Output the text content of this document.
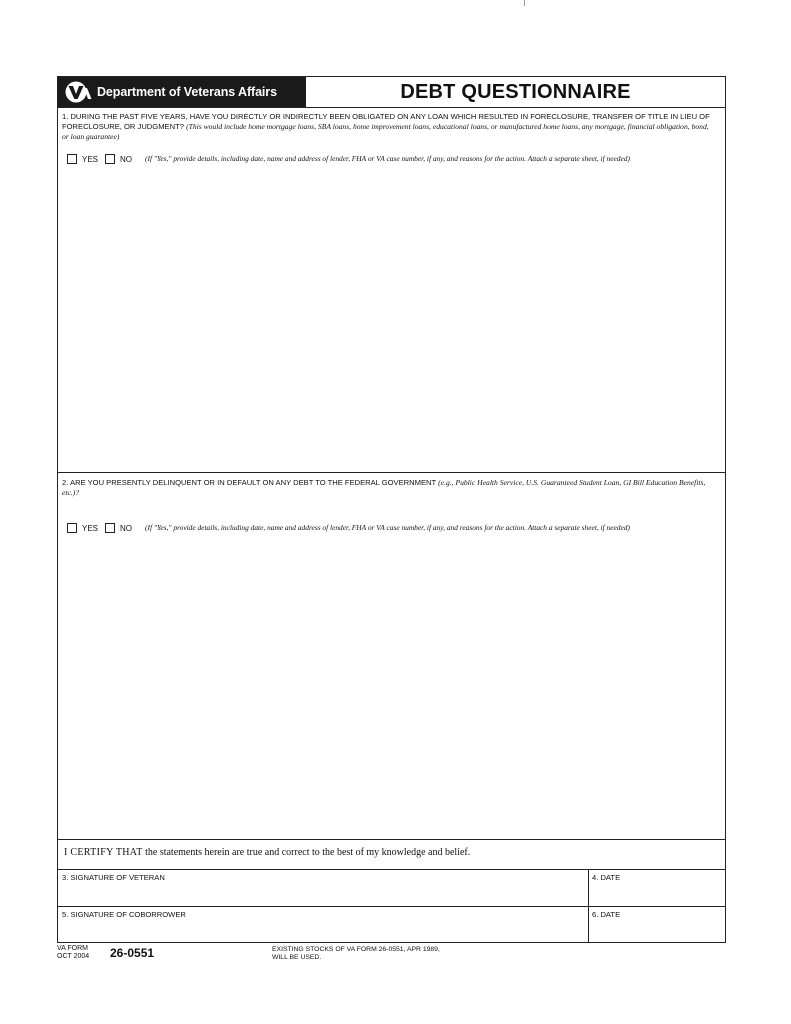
Department of Veterans Affairs	DEBT QUESTIONNAIRE
1. DURING THE PAST FIVE YEARS, HAVE YOU DIRECTLY OR INDIRECTLY BEEN OBLIGATED ON ANY LOAN WHICH RESULTED IN FORECLOSURE, TRANSFER OF TITLE IN LIEU OF FORECLOSURE, OR JUDGMENT? (This would include home mortgage loans, SBA loans, home improvement loans, educational loans, or manufactured home loans, any mortgage, financial obligation, bond, or loan guarantee)
YES	NO (If "Yes," provide details, including date, name and address of lender, FHA or VA case number, if any, and reasons for the action. Attach a separate sheet, if needed)
2. ARE YOU PRESENTLY DELINQUENT OR IN DEFAULT ON ANY DEBT TO THE FEDERAL GOVERNMENT (e.g., Public Health Service, U.S. Guaranteed Student Loan, GI Bill Education Benefits, etc.)?
YES	NO (If "Yes," provide details, including date, name and address of lender, FHA or VA case number, if any, and reasons for the action. Attach a separate sheet, if needed)
I CERTIFY THAT the statements herein are true and correct to the best of my knowledge and belief.
3. SIGNATURE OF VETERAN	4. DATE
5. SIGNATURE OF COBORROWER	6. DATE
VA FORM
OCT 2004 26-0551	EXISTING STOCKS OF VA FORM 26-0551, APR 1989,
WILL BE USED.
